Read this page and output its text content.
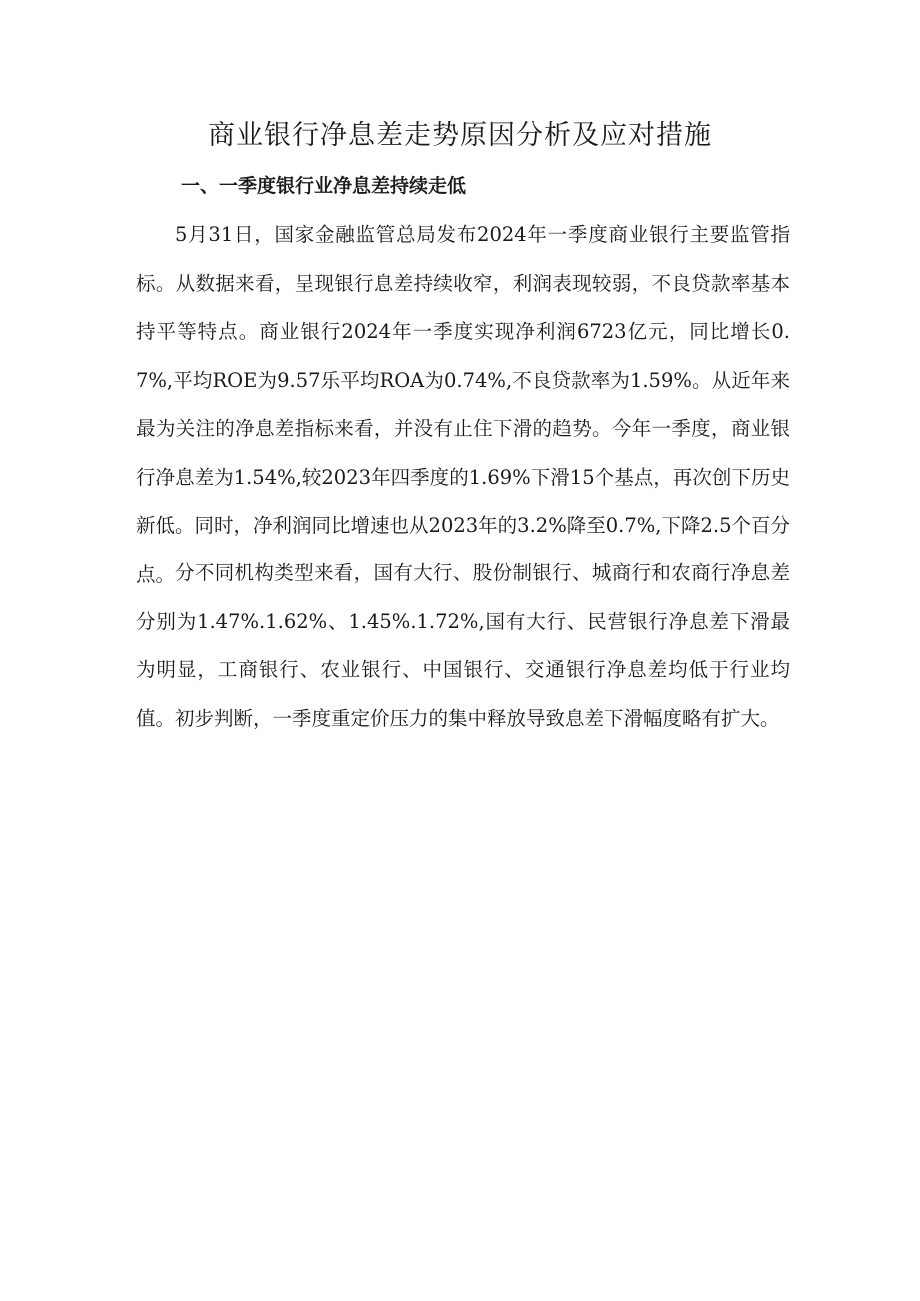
商业银行净息差走势原因分析及应对措施
一、一季度银行业净息差持续走低

5月31日，国家金融监管总局发布2024年一季度商业银行主要监管指标。从数据来看，呈现银行息差持续收窄，利润表现较弱，不良贷款率基本持平等特点。商业银行2024年一季度实现净利润6723亿元，同比增长0.7%,平均ROE为9.57乐平均ROA为0.74%,不良贷款率为1.59%。从近年来最为关注的净息差指标来看，并没有止住下滑的趋势。今年一季度，商业银行净息差为1.54%,较2023年四季度的1.69%下滑15个基点，再次创下历史新低。同时，净利润同比增速也从2023年的3.2%降至0.7%,下降2.5个百分点。 分不同机构类型来看，国有大行、股份制银行、城商行和农商行净息差分别为1.47%.1.62%、1.45%.1.72%,国有大行、民营银行净息差下滑最为明显，工商银行、农业银行、中国银行、交通银行净息差均低于行业均值。初步判断，一季度重定价压力的集中释放导致息差下滑幅度略有扩大。
